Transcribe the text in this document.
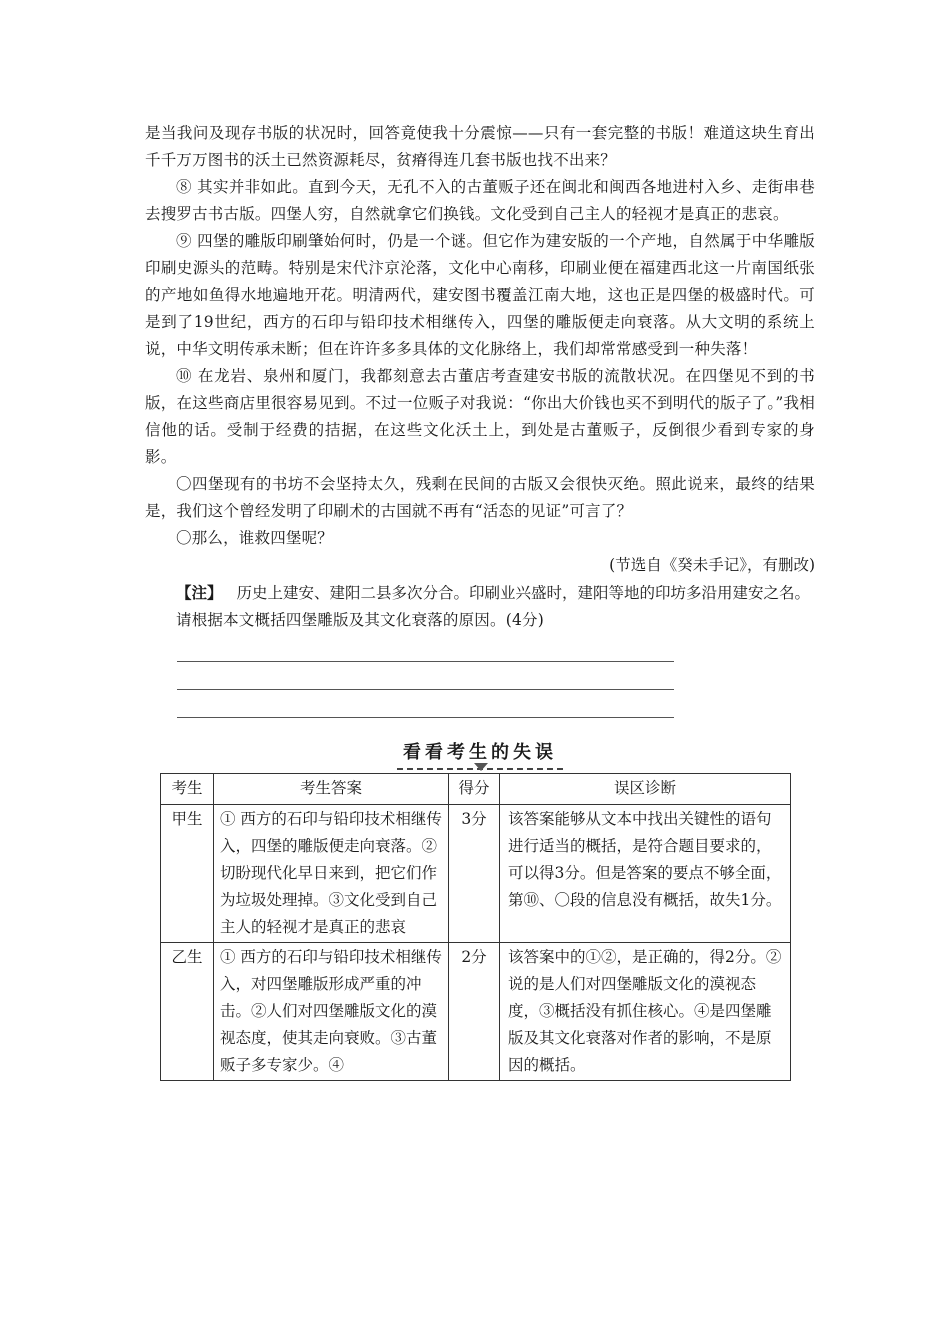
是当我问及现存书版的状况时，回答竟使我十分震惊——只有一套完整的书版！难道这块生育出千千万万图书的沃土已然资源耗尽，贫瘠得连几套书版也找不出来？

⑧ 其实并非如此。直到今天，无孔不入的古董贩子还在闽北和闽西各地进村入乡、走街串巷去搜罗古书古版。四堡人穷，自然就拿它们换钱。文化受到自己主人的轻视才是真正的悲哀。

⑨ 四堡的雕版印刷肇始何时，仍是一个谜。但它作为建安版的一个产地，自然属于中华雕版印刷史源头的范畴。特别是宋代汴京沦落，文化中心南移，印刷业便在福建西北这一片南国纸张的产地如鱼得水地遍地开花。明清两代，建安图书覆盖江南大地，这也正是四堡的极盛时代。可是到了19世纪，西方的石印与铅印技术相继传入，四堡的雕版便走向衰落。从大文明的系统上说，中华文明传承未断；但在许许多多具体的文化脉络上，我们却常常感受到一种失落！

⑩ 在龙岩、泉州和厦门，我都刻意去古董店考查建安书版的流散状况。在四堡见不到的书版，在这些商店里很容易见到。不过一位贩子对我说：“你出大价钱也买不到明代的版子了。”我相信他的话。受制于经费的拮据，在这些文化沃土上，到处是古董贩子，反倒很少看到专家的身影。

〇四堡现有的书坊不会坚持太久，残剩在民间的古版又会很快灭绝。照此说来，最终的结果是，我们这个曾经发明了印刷术的古国就不再有“活态的见证”可言了？

〇那么，谁救四堡呢？

(节选自《癸未手记》，有删改)

【注】 历史上建安、建阳二县多次分合。印刷业兴盛时，建阳等地的印坊多沿用建安之名。

请根据本文概括四堡雕版及其文化衰落的原因。(4分)

看看考生的失误
考生	考生答案	得分	误区诊断
甲生	① 西方的石印与铅印技术相继传入，四堡的雕版便走向衰落。②切盼现代化早日来到，把它们作为垃圾处理掉。③文化受到自己主人的轻视才是真正的悲哀	3分	该答案能够从文本中找出关键性的语句进行适当的概括，是符合题目要求的，可以得3分。但是答案的要点不够全面，第⑩、〇段的信息没有概括，故失1分。
乙生	① 西方的石印与铅印技术相继传入，对四堡雕版形成严重的冲击。②人们对四堡雕版文化的漠视态度，使其走向衰败。③古董贩子多专家少。④	2分	该答案中的①②，是正确的，得2分。②说的是人们对四堡雕版文化的漠视态度，③概括没有抓住核心。④是四堡雕版及其文化衰落对作者的影响，不是原因的概括。
